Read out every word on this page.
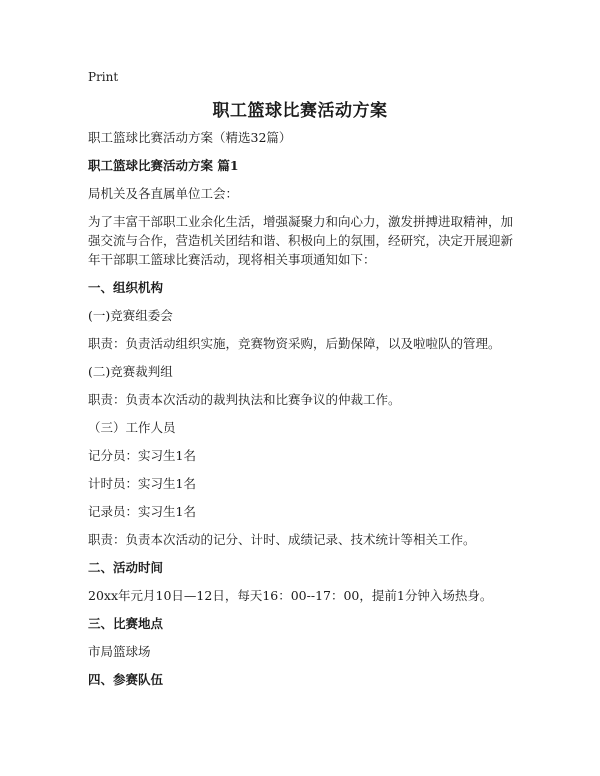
Print
职工篮球比赛活动方案

职工篮球比赛活动方案（精选32篇）

职工篮球比赛活动方案 篇1

局机关及各直属单位工会：

为了丰富干部职工业余化生活，增强凝聚力和向心力，激发拼搏进取精神，加强交流与合作，营造机关团结和谐、积极向上的氛围，经研究，决定开展迎新年干部职工篮球比赛活动，现将相关事项通知如下：

一、组织机构

(一)竞赛组委会

职责：负责活动组织实施，竞赛物资采购，后勤保障，以及啦啦队的管理。

(二)竞赛裁判组

职责：负责本次活动的裁判执法和比赛争议的仲裁工作。

（三）工作人员

记分员：实习生1名

计时员：实习生1名

记录员：实习生1名

职责：负责本次活动的记分、计时、成绩记录、技术统计等相关工作。

二、活动时间

20xx年元月10日—12日，每天16：00--17：00，提前1分钟入场热身。

三、比赛地点

市局篮球场

四、参赛队伍
